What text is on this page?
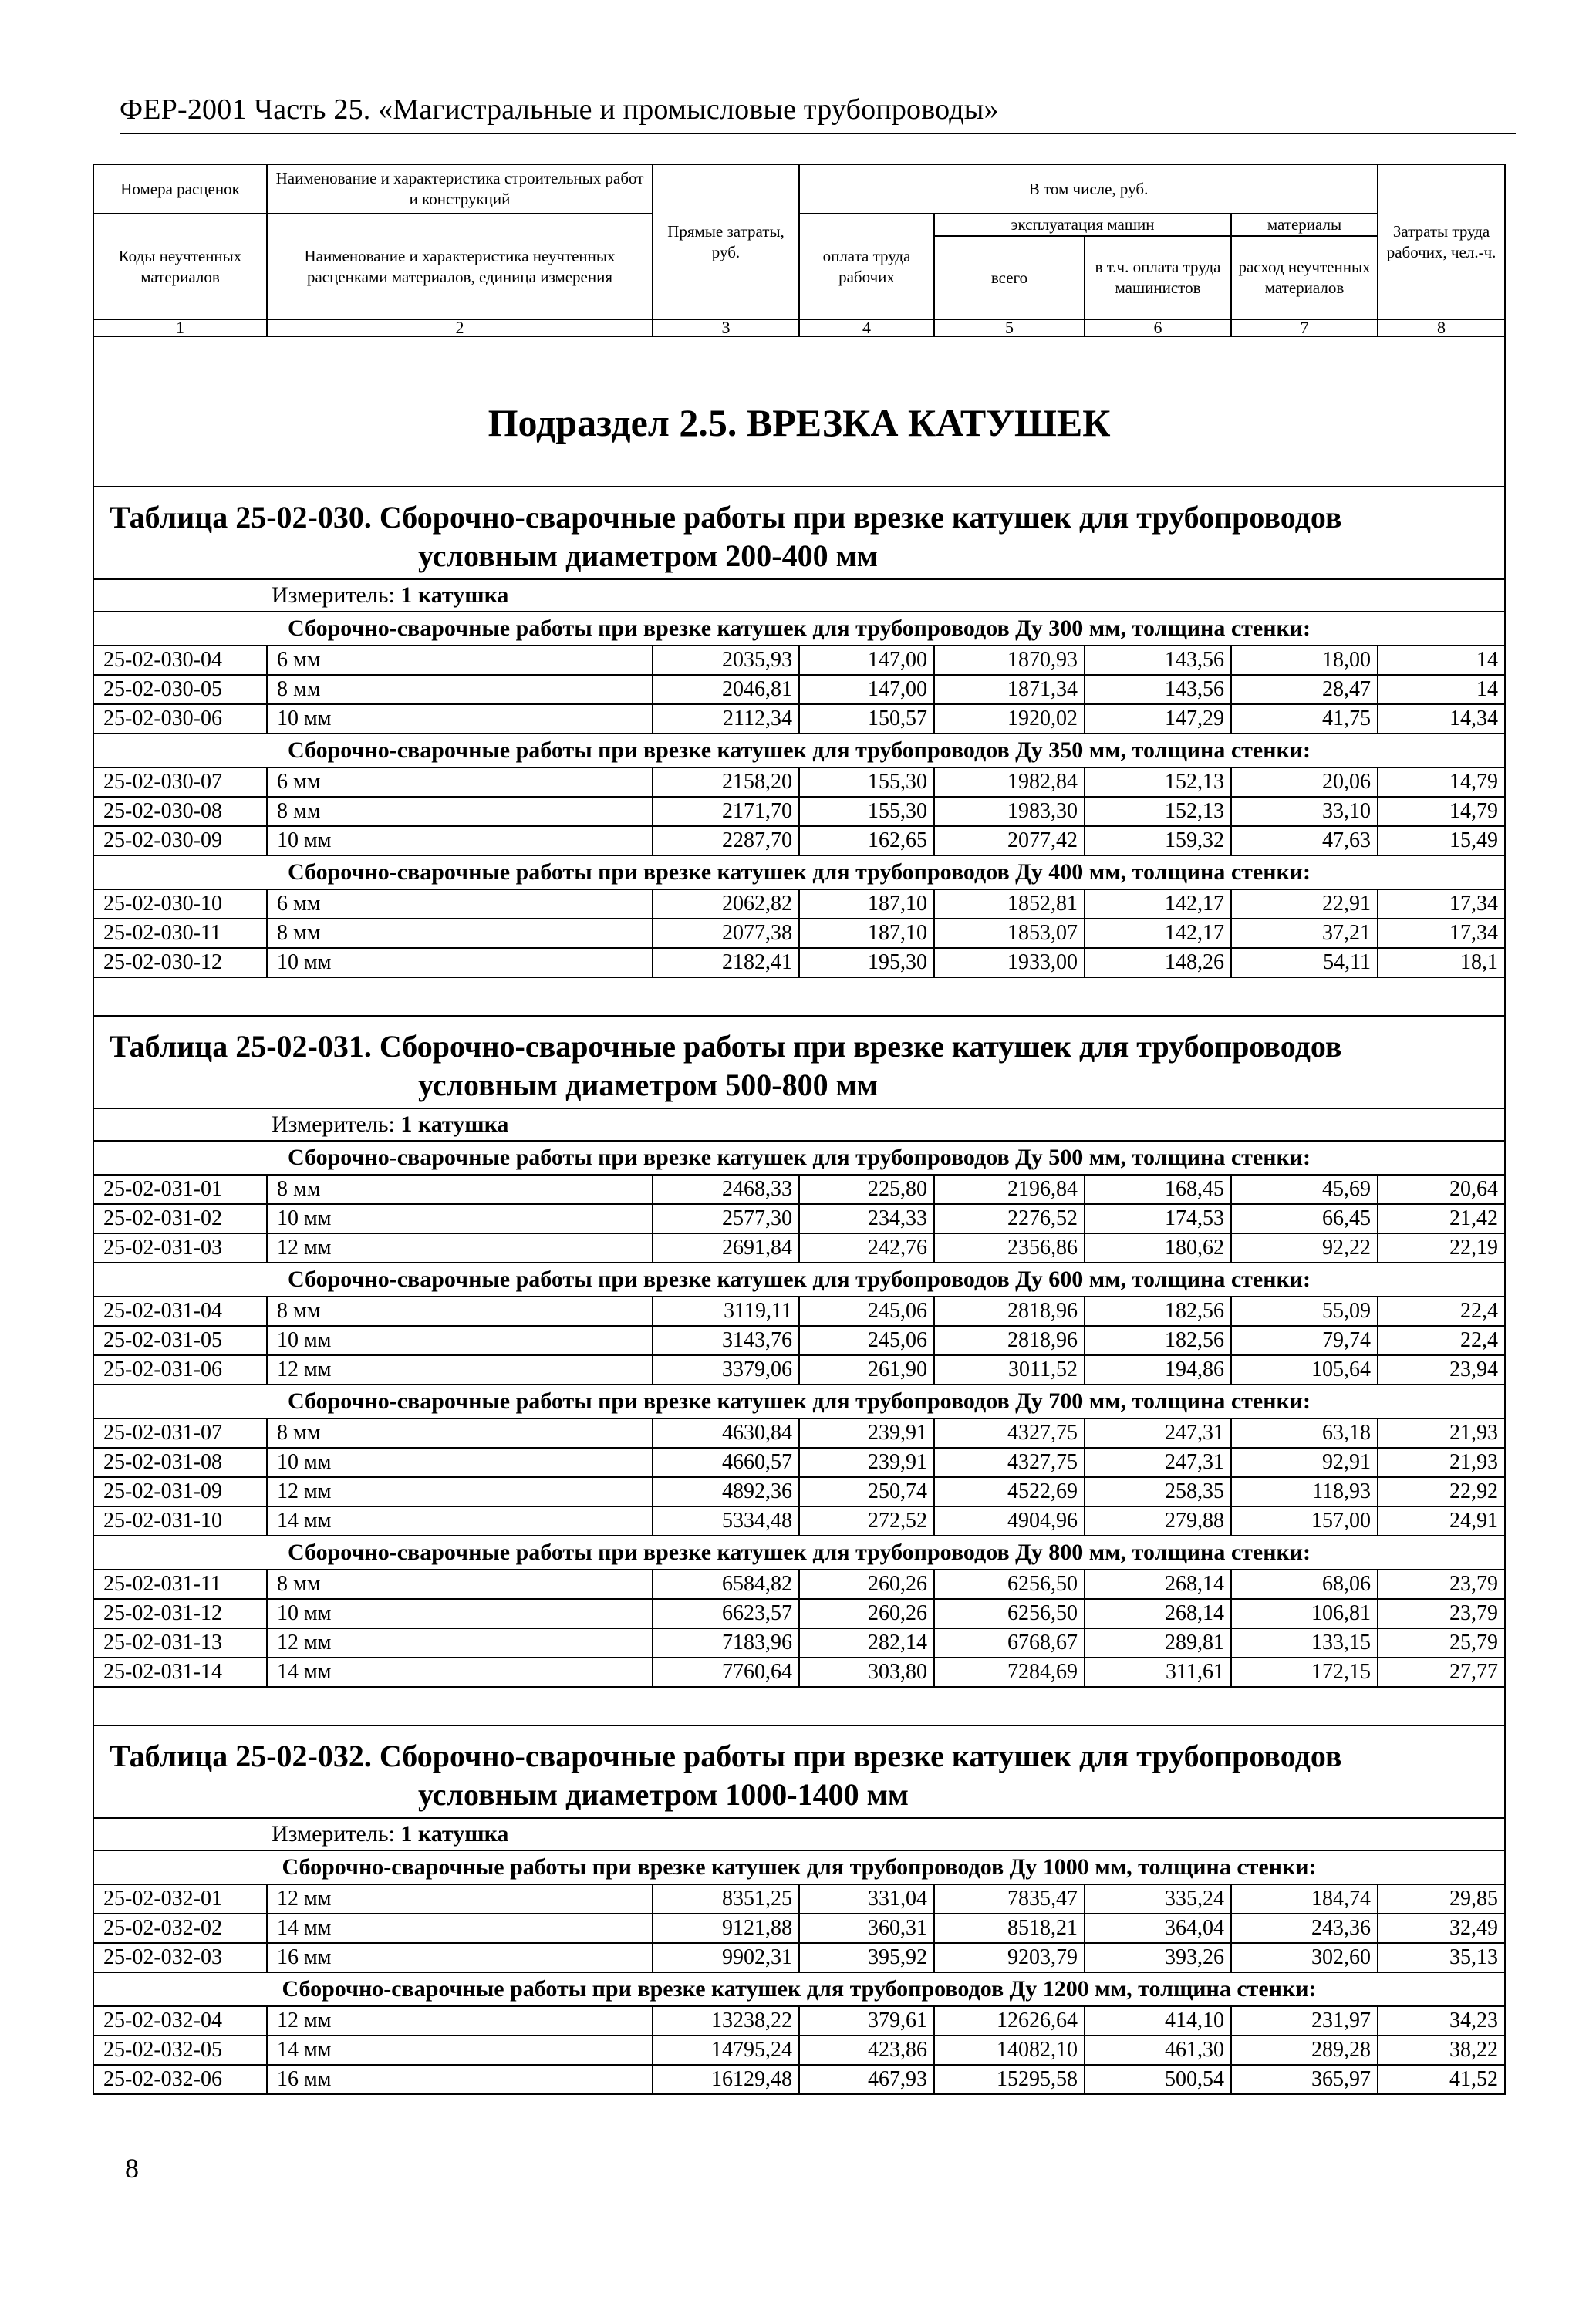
ФЕР-2001 Часть 25. «Магистральные и промысловые трубопроводы»
Номера расценок	Наименование и характеристика строительных работ и конструкций	Прямые затраты, руб.	В том числе, руб.				Затраты труда рабочих, чел.-ч.
Коды неучтенных материалов	Наименование и характеристика неучтенных расценками материалов, единица измерения		оплата труда рабочих	эксплуатация машин		материалы	
				всего	в т.ч. оплата труда машинистов	расход неучтенных материалов	
1	2	3	4	5	6	7	8
Подраздел 2.5. ВРЕЗКА КАТУШЕК							
Таблица 25-02-030. Сборочно-сварочные работы при врезке катушек для трубопроводов
условным диаметром 200-400 мм							

Измеритель: 1 катушка							
Сборочно-сварочные работы при врезке катушек для трубопроводов Ду 300 мм, толщина стенки:							
25-02-030-04	6 мм	2035,93	147,00	1870,93	143,56	18,00	14
25-02-030-05	8 мм	2046,81	147,00	1871,34	143,56	28,47	14
25-02-030-06	10 мм	2112,34	150,57	1920,02	147,29	41,75	14,34
Сборочно-сварочные работы при врезке катушек для трубопроводов Ду 350 мм, толщина стенки:							
25-02-030-07	6 мм	2158,20	155,30	1982,84	152,13	20,06	14,79
25-02-030-08	8 мм	2171,70	155,30	1983,30	152,13	33,10	14,79
25-02-030-09	10 мм	2287,70	162,65	2077,42	159,32	47,63	15,49
Сборочно-сварочные работы при врезке катушек для трубопроводов Ду 400 мм, толщина стенки:							
25-02-030-10	6 мм	2062,82	187,10	1852,81	142,17	22,91	17,34
25-02-030-11	8 мм	2077,38	187,10	1853,07	142,17	37,21	17,34
25-02-030-12	10 мм	2182,41	195,30	1933,00	148,26	54,11	18,1

Таблица 25-02-031. Сборочно-сварочные работы при врезке катушек для трубопроводов
условным диаметром 500-800 мм							

Измеритель: 1 катушка							
Сборочно-сварочные работы при врезке катушек для трубопроводов Ду 500 мм, толщина стенки:							
25-02-031-01	8 мм	2468,33	225,80	2196,84	168,45	45,69	20,64
25-02-031-02	10 мм	2577,30	234,33	2276,52	174,53	66,45	21,42
25-02-031-03	12 мм	2691,84	242,76	2356,86	180,62	92,22	22,19
Сборочно-сварочные работы при врезке катушек для трубопроводов Ду 600 мм, толщина стенки:							
25-02-031-04	8 мм	3119,11	245,06	2818,96	182,56	55,09	22,4
25-02-031-05	10 мм	3143,76	245,06	2818,96	182,56	79,74	22,4
25-02-031-06	12 мм	3379,06	261,90	3011,52	194,86	105,64	23,94
Сборочно-сварочные работы при врезке катушек для трубопроводов Ду 700 мм, толщина стенки:							
25-02-031-07	8 мм	4630,84	239,91	4327,75	247,31	63,18	21,93
25-02-031-08	10 мм	4660,57	239,91	4327,75	247,31	92,91	21,93
25-02-031-09	12 мм	4892,36	250,74	4522,69	258,35	118,93	22,92
25-02-031-10	14 мм	5334,48	272,52	4904,96	279,88	157,00	24,91
Сборочно-сварочные работы при врезке катушек для трубопроводов Ду 800 мм, толщина стенки:							
25-02-031-11	8 мм	6584,82	260,26	6256,50	268,14	68,06	23,79
25-02-031-12	10 мм	6623,57	260,26	6256,50	268,14	106,81	23,79
25-02-031-13	12 мм	7183,96	282,14	6768,67	289,81	133,15	25,79
25-02-031-14	14 мм	7760,64	303,80	7284,69	311,61	172,15	27,77

Таблица 25-02-032. Сборочно-сварочные работы при врезке катушек для трубопроводов
условным диаметром 1000-1400 мм							

Измеритель: 1 катушка							
Сборочно-сварочные работы при врезке катушек для трубопроводов Ду 1000 мм, толщина стенки:							
25-02-032-01	12 мм	8351,25	331,04	7835,47	335,24	184,74	29,85
25-02-032-02	14 мм	9121,88	360,31	8518,21	364,04	243,36	32,49
25-02-032-03	16 мм	9902,31	395,92	9203,79	393,26	302,60	35,13
Сборочно-сварочные работы при врезке катушек для трубопроводов Ду 1200 мм, толщина стенки:							
25-02-032-04	12 мм	13238,22	379,61	12626,64	414,10	231,97	34,23
25-02-032-05	14 мм	14795,24	423,86	14082,10	461,30	289,28	38,22
25-02-032-06	16 мм	16129,48	467,93	15295,58	500,54	365,97	41,52
8
